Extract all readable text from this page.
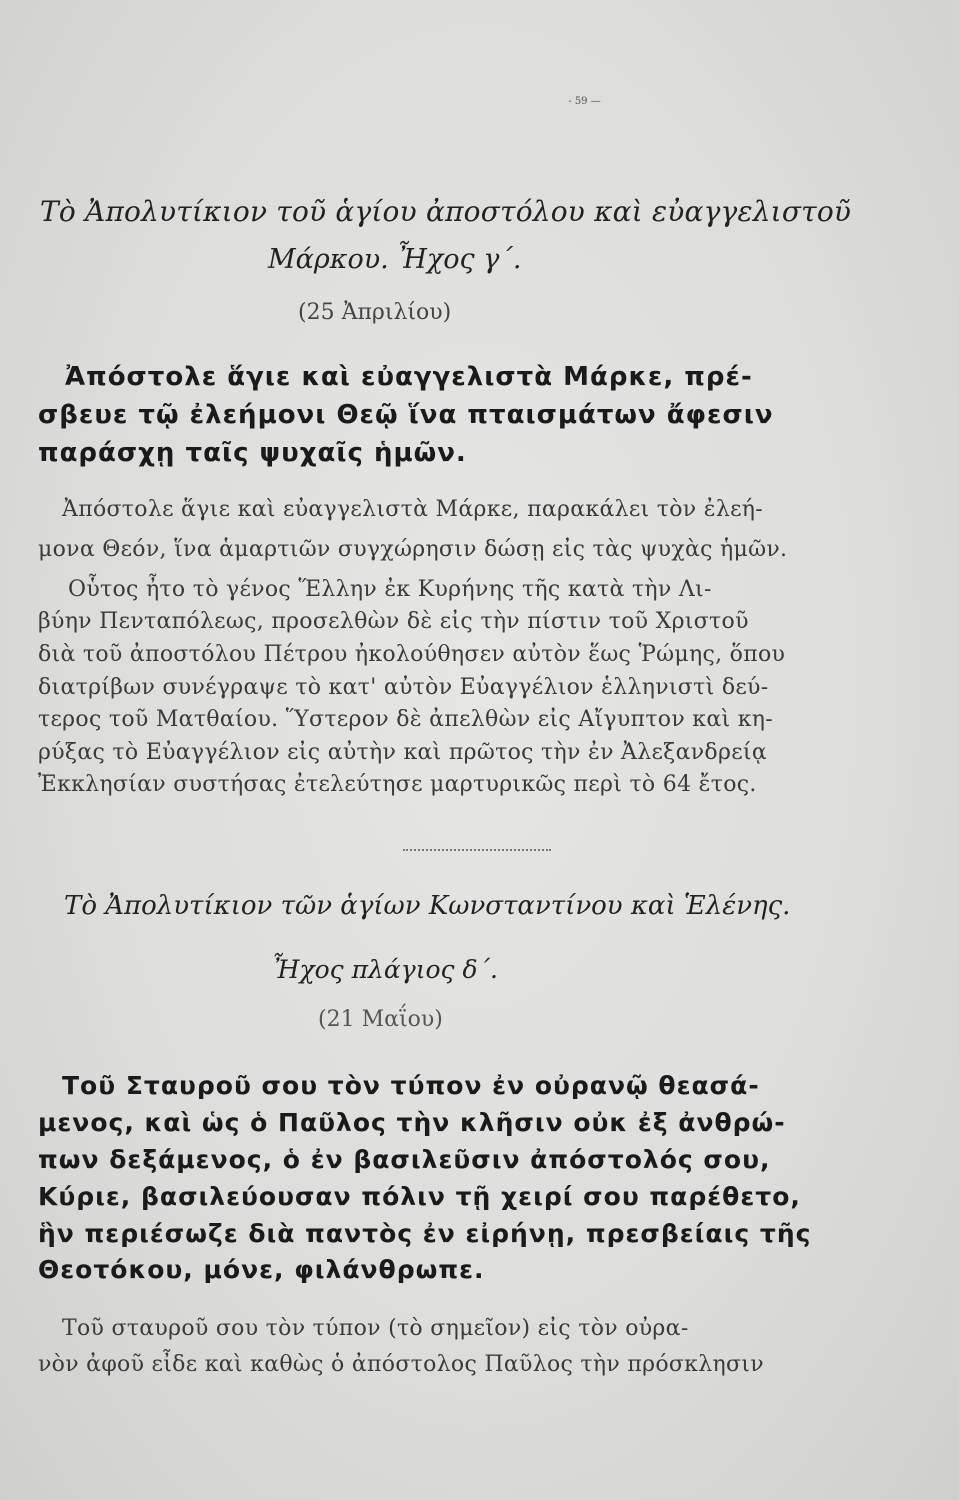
- 59 —
Τὸ Ἀπολυτίκιον τοῦ ἁγίου ἀποστόλου καὶ εὐαγγελιστοῦ
Μάρκου. Ἦχος γ΄.
(25 Ἀπριλίου)
Ἀπόστολε ἅγιε καὶ εὐαγγελιστὰ Μάρκε, πρέ-
σβευε τῷ ἐλεήμονι Θεῷ ἵνα πταισμάτων ἄφεσιν
παράσχῃ ταῖς ψυχαῖς ἡμῶν.
Ἀπόστολε ἅγιε καὶ εὐαγγελιστὰ Μάρκε, παρακάλει τὸν ἐλεή-
μονα Θεόν, ἵνα ἁμαρτιῶν συγχώρησιν δώσῃ εἰς τὰς ψυχὰς ἡμῶν.
Οὗτος ἦτο τὸ γένος Ἕλλην ἐκ Κυρήνης τῆς κατὰ τὴν Λι-
βύην Πενταπόλεως, προσελθὼν δὲ εἰς τὴν πίστιν τοῦ Χριστοῦ
διὰ τοῦ ἀποστόλου Πέτρου ἠκολούθησεν αὐτὸν ἕως Ῥώμης, ὅπου
διατρίβων συνέγραψε τὸ κατ' αὐτὸν Εὐαγγέλιον ἑλληνιστὶ δεύ-
τερος τοῦ Ματθαίου. Ὕστερον δὲ ἀπελθὼν εἰς Αἴγυπτον καὶ κη-
ρύξας τὸ Εὐαγγέλιον εἰς αὐτὴν καὶ πρῶτος τὴν ἐν Ἀλεξανδρείᾳ
Ἐκκλησίαν συστήσας ἐτελεύτησε μαρτυρικῶς περὶ τὸ 64 ἔτος.
Τὸ Ἀπολυτίκιον τῶν ἁγίων Κωνσταντίνου καὶ Ἑλένης.
Ἦχος πλάγιος δ΄.
(21 Μαΐου)
Τοῦ Σταυροῦ σου τὸν τύπον ἐν οὐρανῷ θεασά-
μενος, καὶ ὡς ὁ Παῦλος τὴν κλῆσιν οὐκ ἐξ ἀνθρώ-
πων δεξάμενος, ὁ ἐν βασιλεῦσιν ἀπόστολός σου,
Κύριε, βασιλεύουσαν πόλιν τῇ χειρί σου παρέθετο,
ἣν περιέσωζε διὰ παντὸς ἐν εἰρήνῃ, πρεσβείαις τῆς
Θεοτόκου, μόνε, φιλάνθρωπε.
Τοῦ σταυροῦ σου τὸν τύπον (τὸ σημεῖον) εἰς τὸν οὐρα-
νὸν ἀφοῦ εἶδε καὶ καθὼς ὁ ἀπόστολος Παῦλος τὴν πρόσκλησιν
